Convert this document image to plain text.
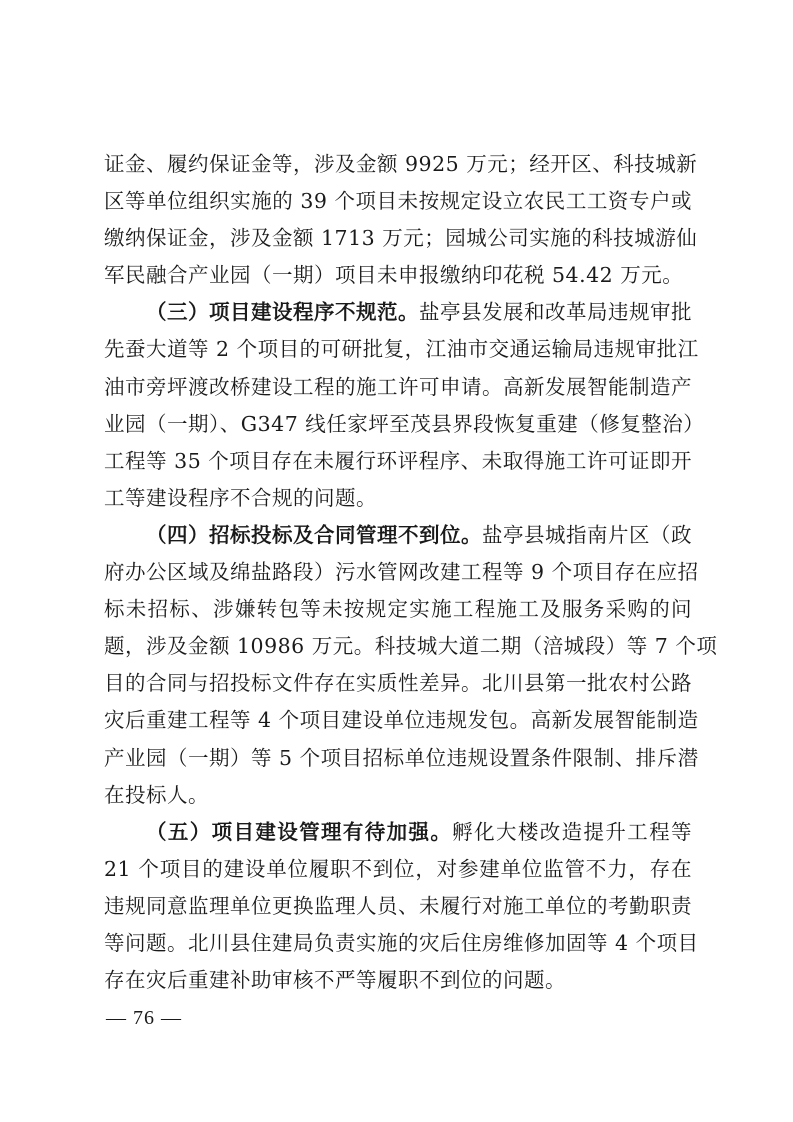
证金、履约保证金等，涉及金额 9925 万元；经开区、科技城新
区等单位组织实施的 39 个项目未按规定设立农民工工资专户或
缴纳保证金，涉及金额 1713 万元；园城公司实施的科技城游仙
军民融合产业园（一期）项目未申报缴纳印花税 54.42 万元。
（三）项目建设程序不规范。盐亭县发展和改革局违规审批
先蚕大道等 2 个项目的可研批复，江油市交通运输局违规审批江
油市旁坪渡改桥建设工程的施工许可申请。高新发展智能制造产
业园（一期）、G347 线任家坪至茂县界段恢复重建（修复整治）
工程等 35 个项目存在未履行环评程序、未取得施工许可证即开
工等建设程序不合规的问题。
（四）招标投标及合同管理不到位。盐亭县城指南片区（政
府办公区域及绵盐路段）污水管网改建工程等 9 个项目存在应招
标未招标、涉嫌转包等未按规定实施工程施工及服务采购的问
题，涉及金额 10986 万元。科技城大道二期（涪城段）等 7 个项
目的合同与招投标文件存在实质性差异。北川县第一批农村公路
灾后重建工程等 4 个项目建设单位违规发包。高新发展智能制造
产业园（一期）等 5 个项目招标单位违规设置条件限制、排斥潜
在投标人。
（五）项目建设管理有待加强。孵化大楼改造提升工程等
21 个项目的建设单位履职不到位，对参建单位监管不力，存在
违规同意监理单位更换监理人员、未履行对施工单位的考勤职责
等问题。北川县住建局负责实施的灾后住房维修加固等 4 个项目
存在灾后重建补助审核不严等履职不到位的问题。
— 76 —
